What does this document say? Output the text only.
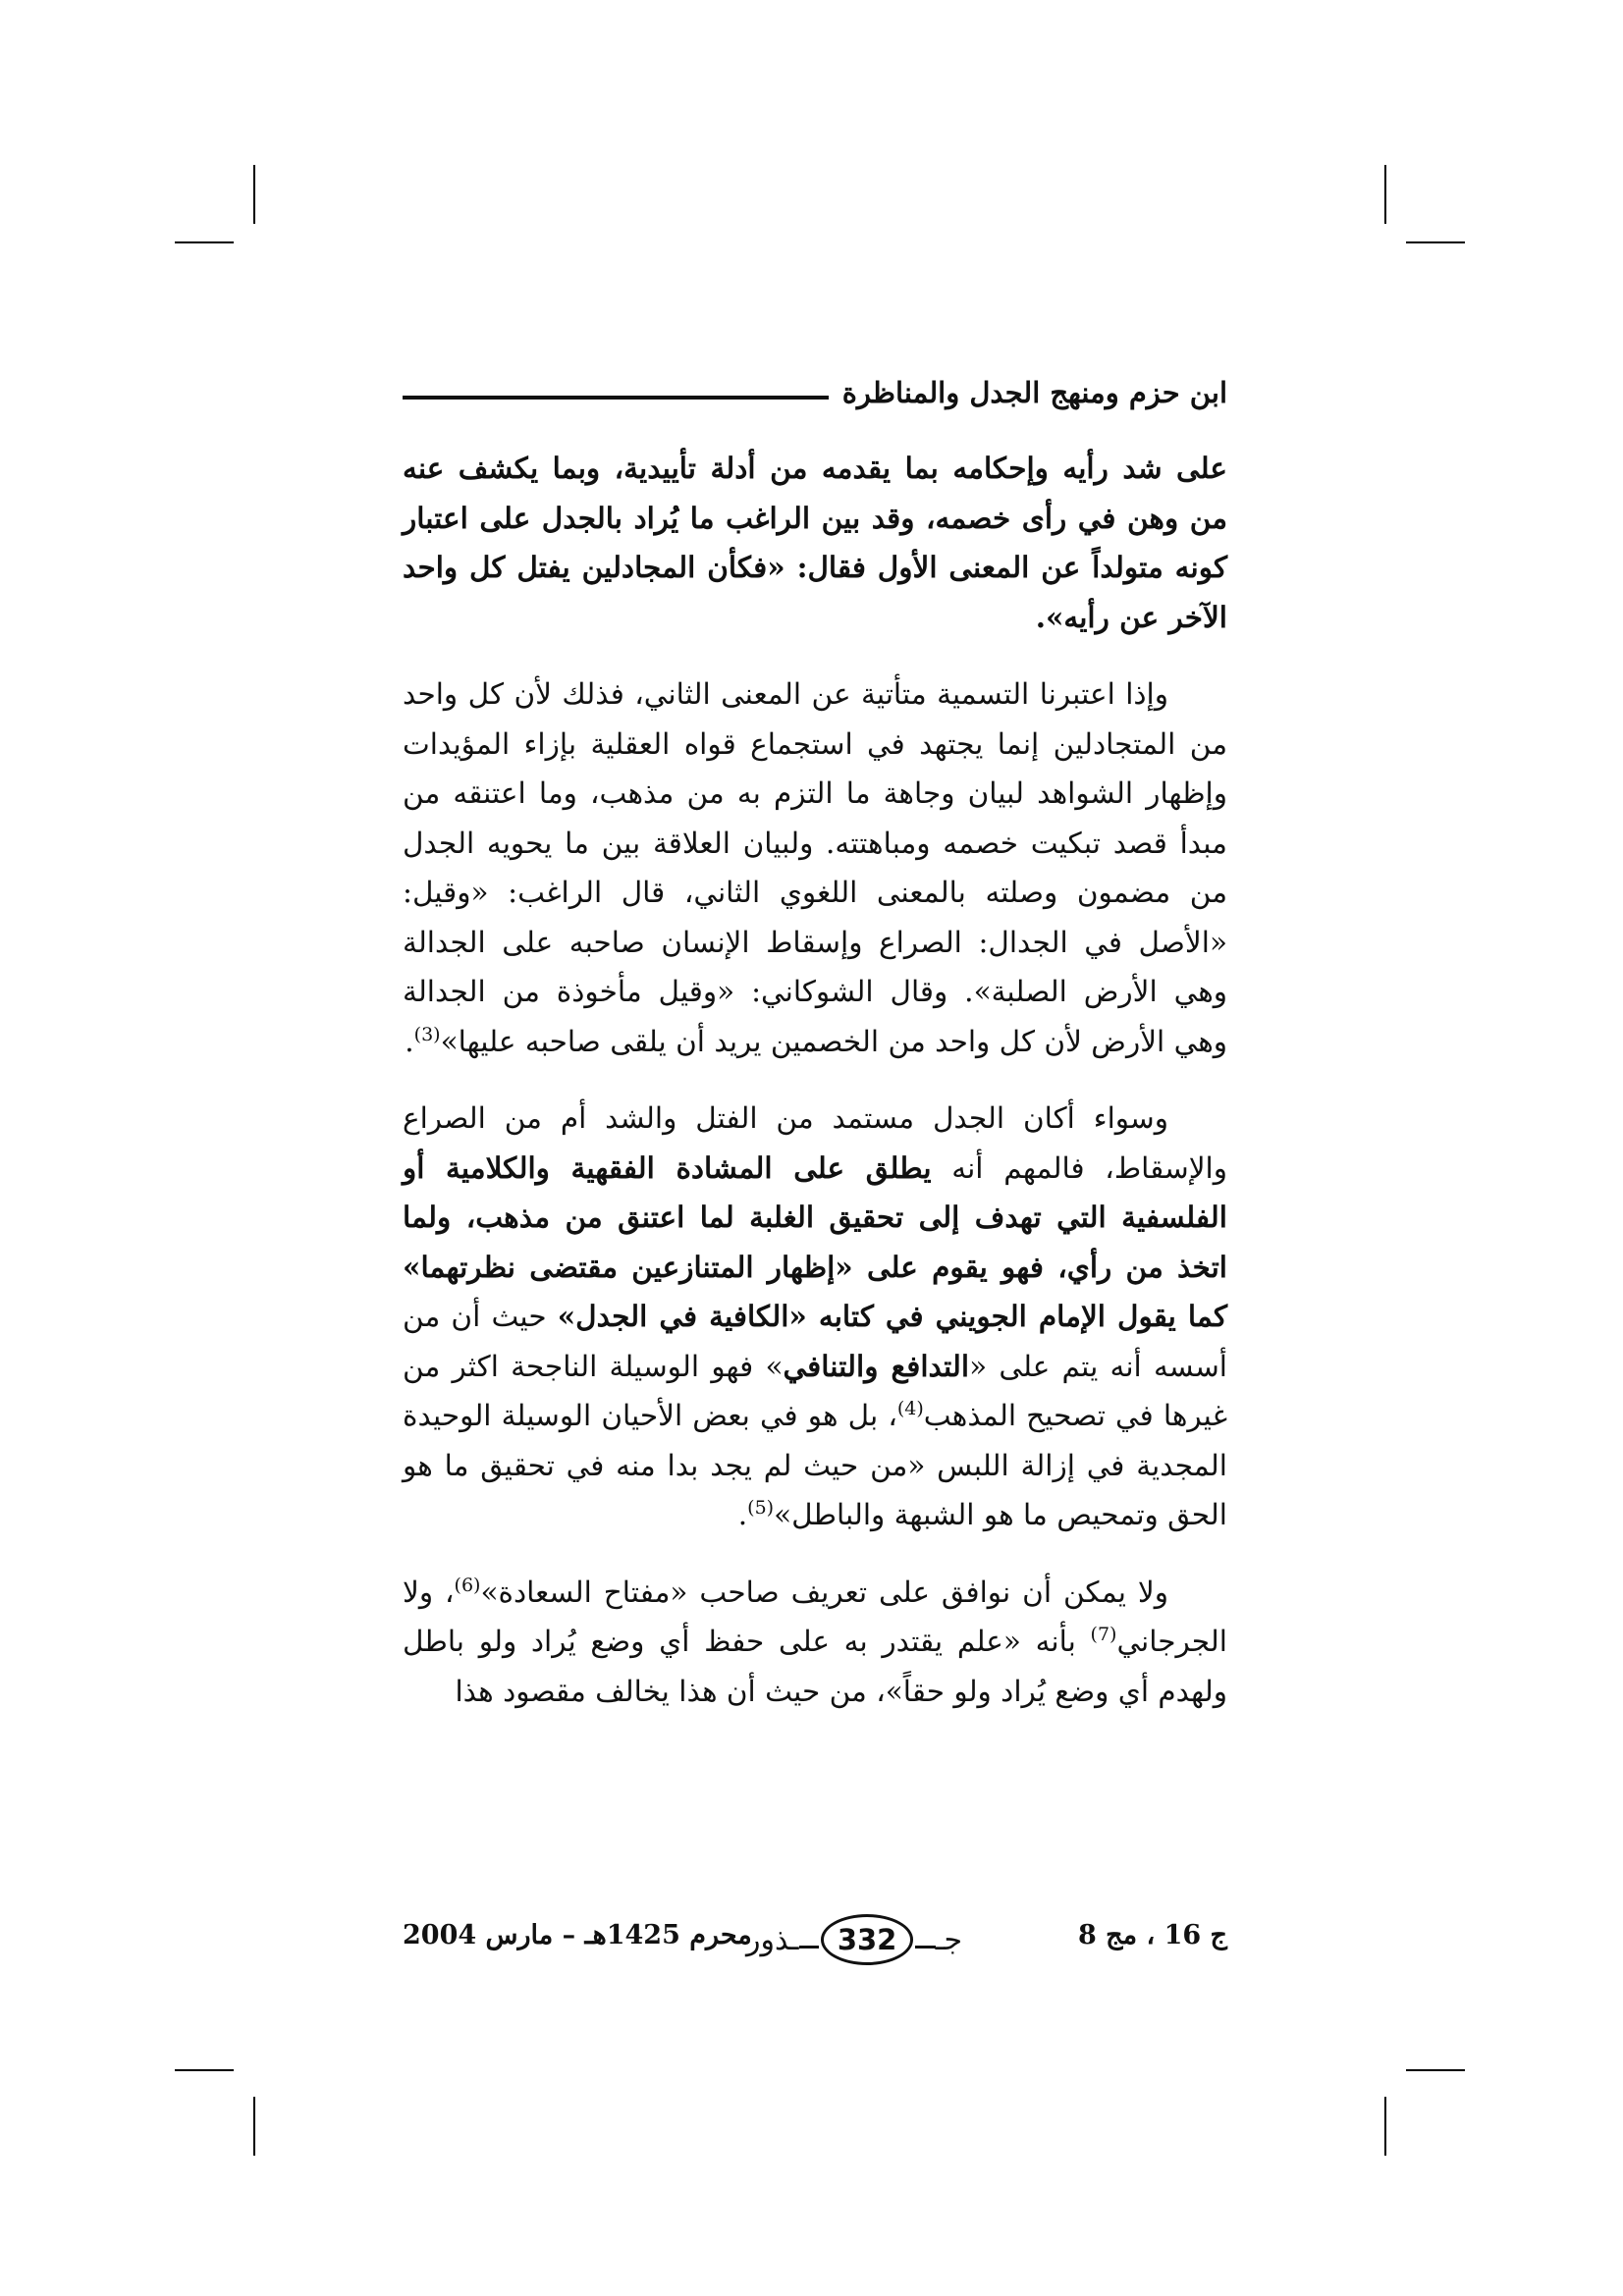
ابن حزم ومنهج الجدل والمناظرة

على شد رأيه وإحكامه بما يقدمه من أدلة تأييدية، وبما يكشف عنه من وهن في رأى خصمه، وقد بين الراغب ما يُراد بالجدل على اعتبار كونه متولداً عن المعنى الأول فقال: «فكأن المجادلين يفتل كل واحد الآخر عن رأيه».

وإذا اعتبرنا التسمية متأتية عن المعنى الثاني، فذلك لأن كل واحد من المتجادلين إنما يجتهد في استجماع قواه العقلية بإزاء المؤيدات وإظهار الشواهد لبيان وجاهة ما التزم به من مذهب، وما اعتنقه من مبدأ قصد تبكيت خصمه ومباهتته. ولبيان العلاقة بين ما يحويه الجدل من مضمون وصلته بالمعنى اللغوي الثاني، قال الراغب: «وقيل: «الأصل في الجدال: الصراع وإسقاط الإنسان صاحبه على الجدالة وهي الأرض الصلبة». وقال الشوكاني: «وقيل مأخوذة من الجدالة وهي الأرض لأن كل واحد من الخصمين يريد أن يلقى صاحبه عليها»$^{(3)}$.

وسواء أكان الجدل مستمد من الفتل والشد أم من الصراع والإسقاط، فالمهم أنه يطلق على المشادة الفقهية والكلامية أو الفلسفية التي تهدف إلى تحقيق الغلبة لما اعتنق من مذهب، ولما اتخذ من رأي، فهو يقوم على «إظهار المتنازعين مقتضى نظرتهما» كما يقول الإمام الجويني في كتابه «الكافية في الجدل» حيث أن من أسسه أنه يتم على «التدافع والتنافي» فهو الوسيلة الناجحة اكثر من غيرها في تصحيح المذهب$^{(4)}$، بل هو في بعض الأحيان الوسيلة الوحيدة المجدية في إزالة اللبس «من حيث لم يجد بدا منه في تحقيق ما هو الحق وتمحيص ما هو الشبهة والباطل»$^{(5)}$.

ولا يمكن أن نوافق على تعريف صاحب «مفتاح السعادة»$^{(6)}$، ولا الجرجاني$^{(7)}$ بأنه «علم يقتدر به على حفظ أي وضع يُراد ولو باطل ولهدم أي وضع يُراد ولو حقاً»، من حيث أن هذا يخالف مقصود هذا

ج 16 ، مج 8
جـ
332
ـذور
محرم 1425هـ – مارس 2004
